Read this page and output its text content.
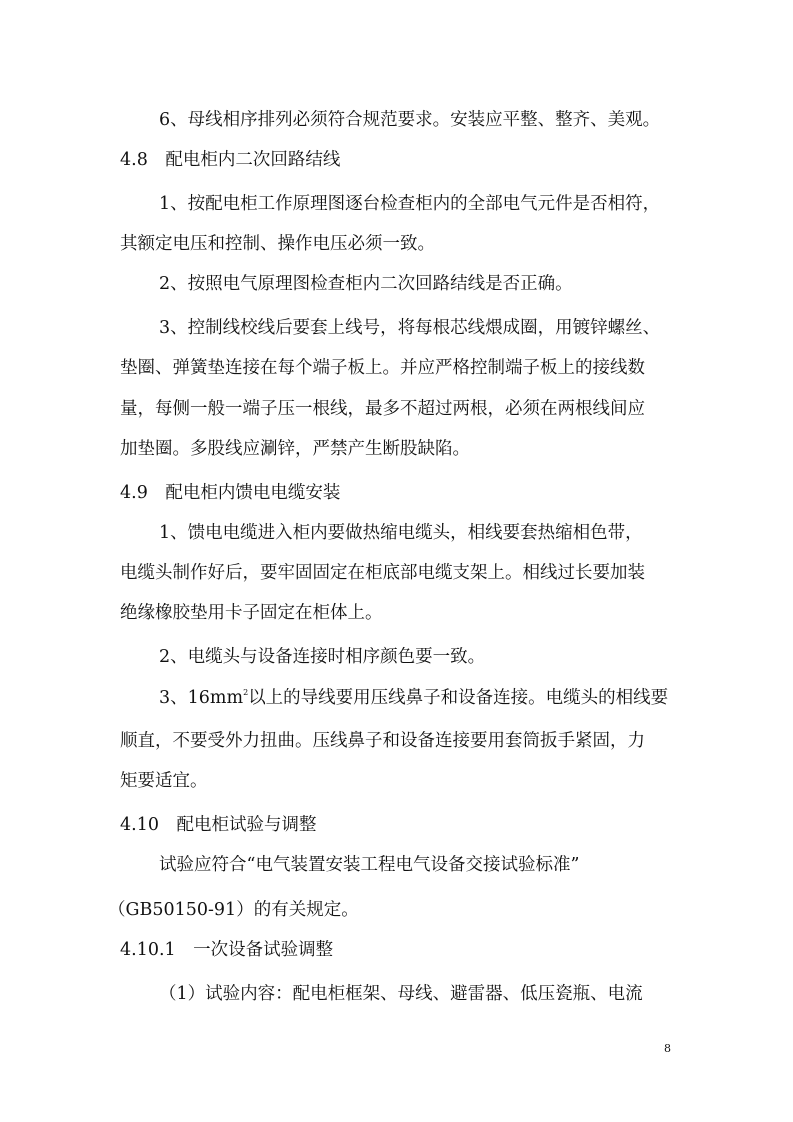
6、母线相序排列必须符合规范要求。安装应平整、整齐、美观。
4.8　配电柜内二次回路结线
1、按配电柜工作原理图逐台检查柜内的全部电气元件是否相符，
其额定电压和控制、操作电压必须一致。
2、按照电气原理图检查柜内二次回路结线是否正确。
3、控制线校线后要套上线号，将每根芯线煨成圈，用镀锌螺丝、
垫圈、弹簧垫连接在每个端子板上。并应严格控制端子板上的接线数
量，每侧一般一端子压一根线，最多不超过两根，必须在两根线间应
加垫圈。多股线应涮锌，严禁产生断股缺陷。
4.9　配电柜内馈电电缆安装
1、馈电电缆进入柜内要做热缩电缆头，相线要套热缩相色带，
电缆头制作好后，要牢固固定在柜底部电缆支架上。相线过长要加装
绝缘橡胶垫用卡子固定在柜体上。
2、电缆头与设备连接时相序颜色要一致。
3、$16mm^2$以上的导线要用压线鼻子和设备连接。电缆头的相线要
顺直，不要受外力扭曲。压线鼻子和设备连接要用套筒扳手紧固，力
矩要适宜。
4.10　配电柜试验与调整
试验应符合“电气装置安装工程电气设备交接试验标准”
（GB50150-91）的有关规定。
4.10.1　一次设备试验调整
（1）试验内容：配电柜框架、母线、避雷器、低压瓷瓶、电流
8
